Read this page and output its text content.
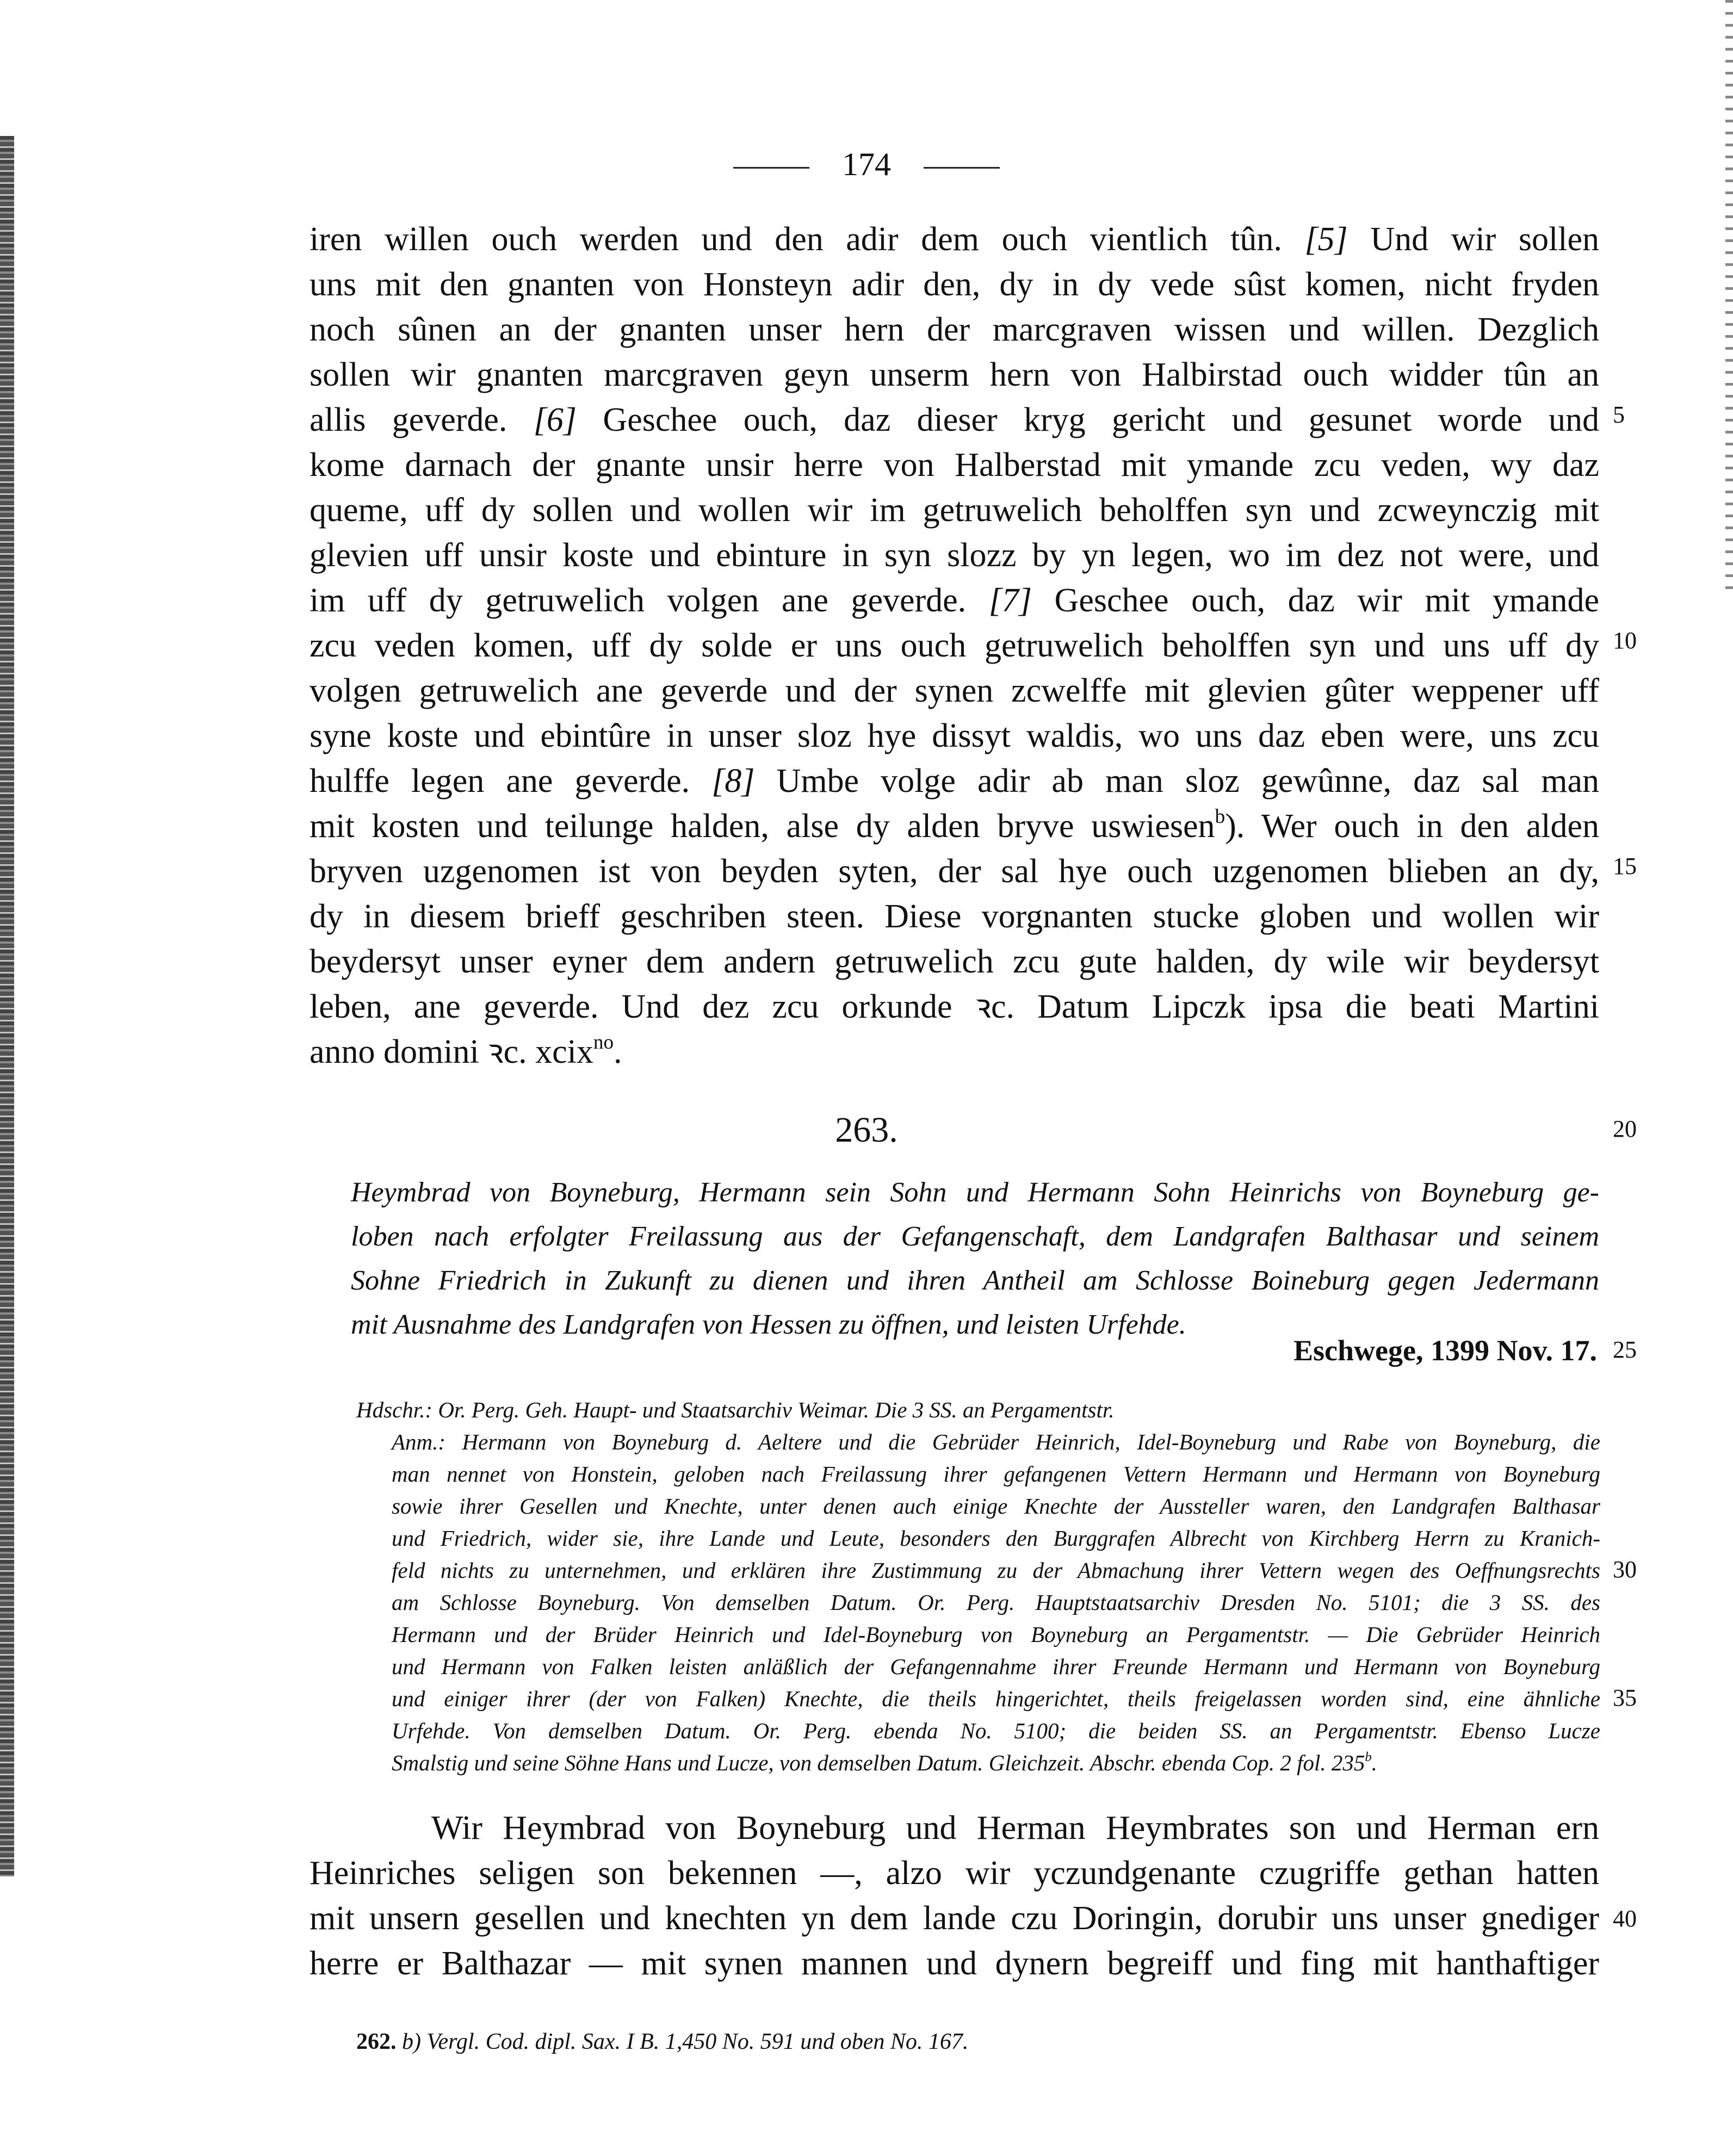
174
iren willen ouch werden und den adir dem ouch vientlich tûn. [5] Und wir sollen
uns mit den gnanten von Honsteyn adir den, dy in dy vede sûst komen, nicht fryden
noch sûnen an der gnanten unser hern der marcgraven wissen und willen. Dezglich
sollen wir gnanten marcgraven geyn unserm hern von Halbirstad ouch widder tûn an
allis geverde. [6] Geschee ouch, daz dieser kryg gericht und gesunet worde und
kome darnach der gnante unsir herre von Halberstad mit ymande zcu veden, wy daz
queme, uff dy sollen und wollen wir im getruwelich beholffen syn und zcweynczig mit
glevien uff unsir koste und ebinture in syn slozz by yn legen, wo im dez not were, und
im uff dy getruwelich volgen ane geverde. [7] Geschee ouch, daz wir mit ymande
zcu veden komen, uff dy solde er uns ouch getruwelich beholffen syn und uns uff dy
volgen getruwelich ane geverde und der synen zcwelffe mit glevien gûter weppener uff
syne koste und ebintûre in unser sloz hye dissyt waldis, wo uns daz eben were, uns zcu
hulffe legen ane geverde. [8] Umbe volge adir ab man sloz gewûnne, daz sal man
mit kosten und teilunge halden, alse dy alden bryve uswiesen$^b$). Wer ouch in den alden
bryven uzgenomen ist von beyden syten, der sal hye ouch uzgenomen blieben an dy,
dy in diesem brieff geschriben steen. Diese vorgnanten stucke globen und wollen wir
beydersyt unser eyner dem andern getruwelich zcu gute halden, dy wile wir beydersyt
leben, ane geverde. Und dez zcu orkunde ꝛc. Datum Lipczk ipsa die beati Martini
anno domini ꝛc. xcix$^{no}$.
263.
Heymbrad von Boyneburg, Hermann sein Sohn und Hermann Sohn Heinrichs von Boyneburg ge-
loben nach erfolgter Freilassung aus der Gefangenschaft, dem Landgrafen Balthasar und seinem
Sohne Friedrich in Zukunft zu dienen und ihren Antheil am Schlosse Boineburg gegen Jedermann
mit Ausnahme des Landgrafen von Hessen zu öffnen, und leisten Urfehde.
Eschwege, 1399 Nov. 17.
Hdschr.: Or. Perg. Geh. Haupt- und Staatsarchiv Weimar. Die 3 SS. an Pergamentstr.
Anm.: Hermann von Boyneburg d. Aeltere und die Gebrüder Heinrich, Idel-Boyneburg und Rabe von Boyneburg, die
man nennet von Honstein, geloben nach Freilassung ihrer gefangenen Vettern Hermann und Hermann von Boyneburg
sowie ihrer Gesellen und Knechte, unter denen auch einige Knechte der Aussteller waren, den Landgrafen Balthasar
und Friedrich, wider sie, ihre Lande und Leute, besonders den Burggrafen Albrecht von Kirchberg Herrn zu Kranich-
feld nichts zu unternehmen, und erklären ihre Zustimmung zu der Abmachung ihrer Vettern wegen des Oeffnungsrechts
am Schlosse Boyneburg. Von demselben Datum. Or. Perg. Hauptstaatsarchiv Dresden No. 5101; die 3 SS. des
Hermann und der Brüder Heinrich und Idel-Boyneburg von Boyneburg an Pergamentstr. — Die Gebrüder Heinrich
und Hermann von Falken leisten anläßlich der Gefangennahme ihrer Freunde Hermann und Hermann von Boyneburg
und einiger ihrer (der von Falken) Knechte, die theils hingerichtet, theils freigelassen worden sind, eine ähnliche
Urfehde. Von demselben Datum. Or. Perg. ebenda No. 5100; die beiden SS. an Pergamentstr. Ebenso Lucze
Smalstig und seine Söhne Hans und Lucze, von demselben Datum. Gleichzeit. Abschr. ebenda Cop. 2 fol. 235$^b$.
Wir Heymbrad von Boyneburg und Herman Heymbrates son und Herman ern
Heinriches seligen son bekennen —, alzo wir yczundgenante czugriffe gethan hatten
mit unsern gesellen und knechten yn dem lande czu Doringin, dorubir uns unser gnediger
herre er Balthazar — mit synen mannen und dynern begreiff und fing mit hanthaftiger
262. b) Vergl. Cod. dipl. Sax. I B. 1,450 No. 591 und oben No. 167.
5
10
15
20
25
30
35
40
